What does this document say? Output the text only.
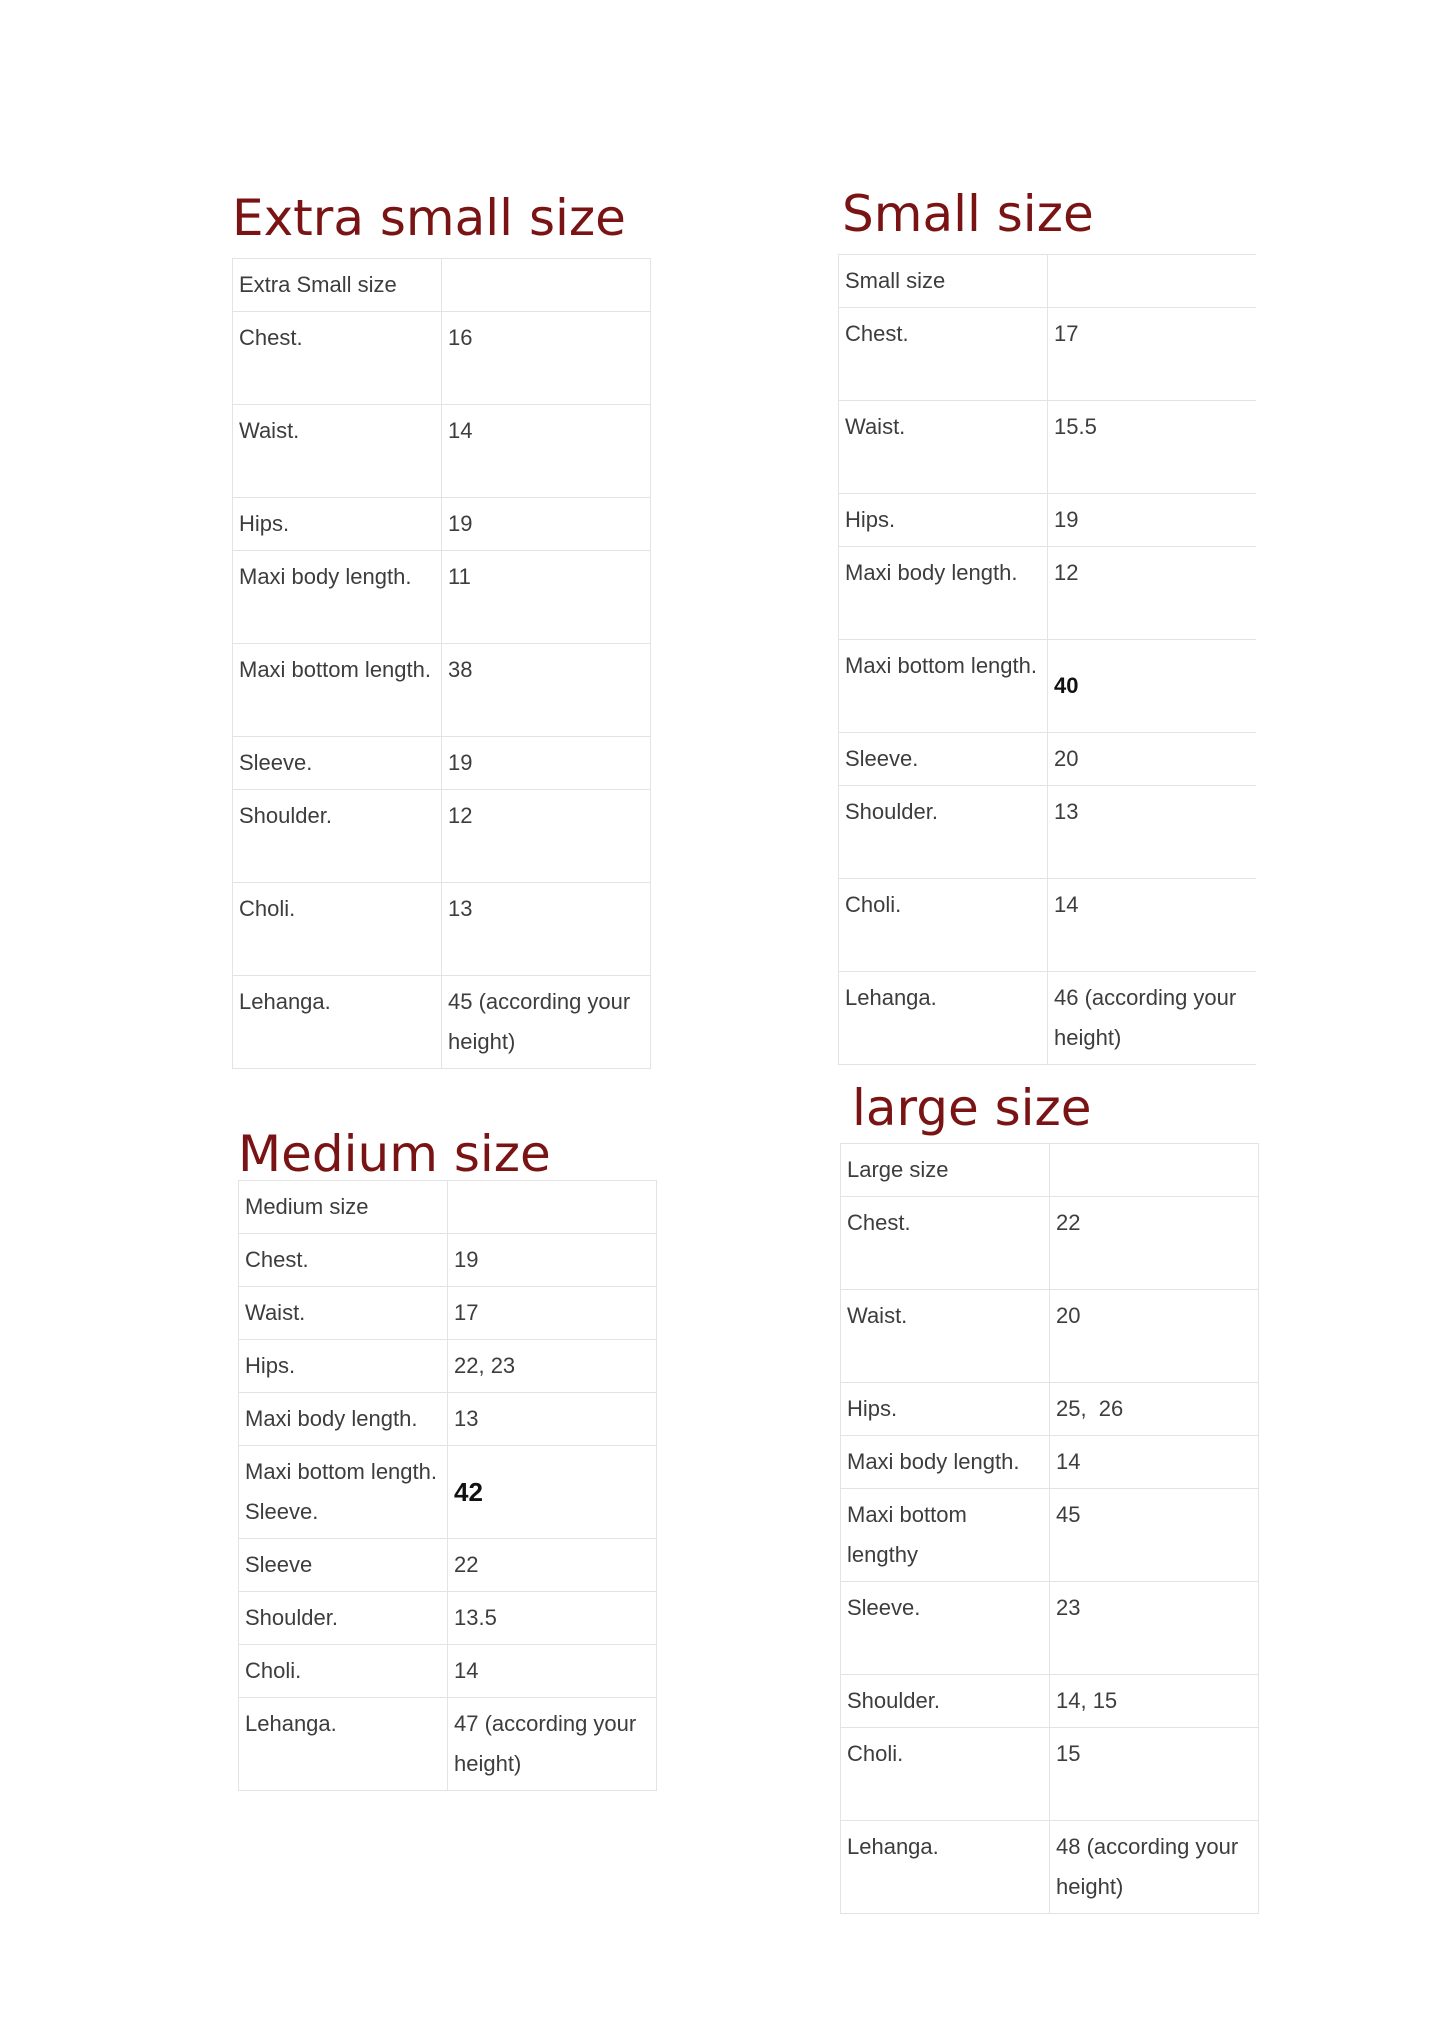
Extra small size
Extra Small size	
Chest.	16
Waist.	14
Hips.	19
Maxi body length.	11
Maxi bottom length.	38
Sleeve.	19
Shoulder.	12
Choli.	13
Lehanga.	45 (according your height)
Small size
Small size	
Chest.	17
Waist.	15.5
Hips.	19
Maxi body length.	12
Maxi bottom length.	40
Sleeve.	20
Shoulder.	13
Choli.	14
Lehanga.	46 (according your height)
Medium size
Medium size	
Chest.	19
Waist.	17
Hips.	22, 23
Maxi body length.	13
Maxi bottom length. Sleeve.	42
Sleeve	22
Shoulder.	13.5
Choli.	14
Lehanga.	47 (according your height)
large size
Large size	
Chest.	22
Waist.	20
Hips.	25,  26
Maxi body length.	14
Maxi bottom lengthy	45
Sleeve.	23
Shoulder.	14, 15
Choli.	15
Lehanga.	48 (according your height)
